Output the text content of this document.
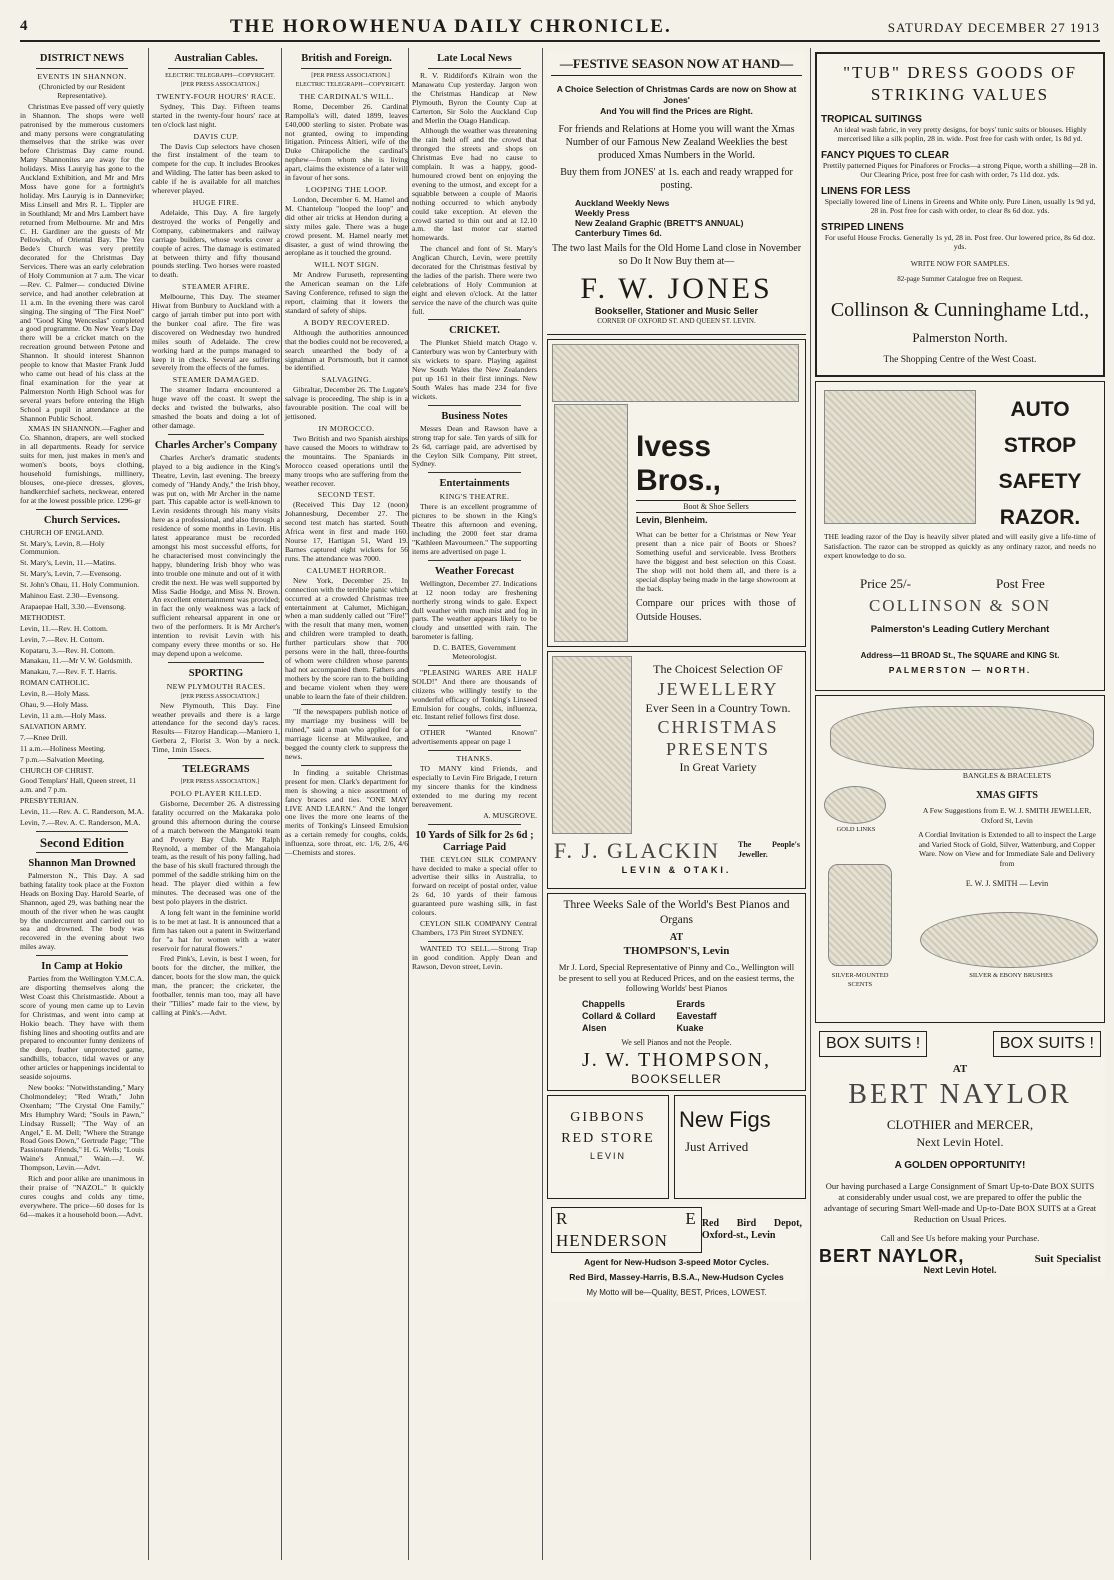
4	THE HOROWHENUA DAILY CHRONICLE.	SATURDAY DECEMBER 27 1913
DISTRICT NEWS
EVENTS IN SHANNON.

(Chronicled by our Resident Representative).

Christmas Eve passed off very quietly in Shannon. The shops were well patronised by the numerous customers and many persons were congratulating themselves that the strike was over before Christmas Day came round. Many Shannonites are away for the holidays. Miss Lauryig has gone to the Auckland Exhibition, and Mr and Mrs Moss have gone for a fortnight's holiday. Mrs Lauryig is in Dannevirke; Miss Linsell and Mrs R. L. Tippler are in Southland; Mr and Mrs Lambert have returned from Melbourne. Mr and Mrs C. H. Gardiner are the guests of Mr Pellowish, of Oriental Bay. The Yeu Bede's Church was very prettily decorated for the Christmas Day Services. There was an early celebration of Holy Communion at 7 a.m. The vicar —Rev. C. Palmer— conducted Divine service, and had another celebration at 11 a.m. In the evening there was carol singing. The singing of "The First Noel" and "Good King Wenceslas" completed a good programme. On New Year's Day there will be a cricket match on the recreation ground between Petone and Shannon. It should interest Shannon people to know that Master Frank Judd who came out head of his class at the final examination for the year at Palmerston North High School was for several years before entering the High School a pupil in attendance at the Shannon Public School.

XMAS IN SHANNON.—Fagher and Co. Shannon, drapers, are well stocked in all departments. Ready for service suits for men, just makes in men's and women's boots, boys clothing, household furnishings, millinery, blouses, one-piece dresses, gloves, handkerchief sachets, neckwear, entered for at the lowest possible price. 1296-gr

Church Services.

CHURCH OF ENGLAND.

St. Mary's, Levin, 8.—Holy Communion.

St. Mary's, Levin, 11.—Matins.

St. Mary's, Levin, 7.—Evensong.

St. John's Ohau, 11. Holy Communion.

Mahinou East. 2.30—Evensong.

Arapaepae Hall, 3.30.—Evensong.

METHODIST.

Levin, 11.—Rev. H. Cottom.

Levin, 7.—Rev. H. Cottom.

Kopataru, 3.—Rev. H. Cottom.

Manakau, 11.—Mr V. W. Goldsmith.

Manakau, 7.—Rev. F. T. Harris.

ROMAN CATHOLIC.

Levin, 8.—Holy Mass.

Ohau, 9.—Holy Mass.

Levin, 11 a.m.—Holy Mass.

SALVATION ARMY.

7.—Knee Drill.

11 a.m.—Holiness Meeting.

7 p.m.—Salvation Meeting.

CHURCH OF CHRIST.

Good Templars' Hall, Queen street, 11 a.m. and 7 p.m.

PRESBYTERIAN.

Levin, 11.—Rev. A. C. Randerson, M.A.

Levin, 7.—Rev. A. C. Randerson, M.A.

Second Edition
Shannon Man Drowned

Palmerston N., This Day. A sad bathing fatality took place at the Foxton Heads on Boxing Day. Harold Searle, of Shannon, aged 29, was bathing near the mouth of the river when he was caught by the undercurrent and carried out to sea and drowned. The body was recovered in the evening about two miles away.

In Camp at Hokio

Parties from the Wellington Y.M.C.A. are disporting themselves along the West Coast this Christmastide. About a score of young men came up to Levin for Christmas, and went into camp at Hokio beach. They have with them fishing lines and shooting outfits and are prepared to encounter funny denizens of the deep, feather unprotected game, sandhills, tobacco, tidal waves or any other articles or happenings incidental to seaside sojourns.

New books: "Notwithstanding," Mary Cholmondeley; "Red Wrath," John Oxenham; "The Crystal One Family," Mrs Humphry Ward; "Souls in Pawn," Lindsay Russell; "The Way of an Angel," E. M. Dell; "Where the Strange Road Goes Down," Gertrude Page; "The Passionate Friends," H. G. Wells; "Louis Waine's Annual," Wain.—J. W. Thompson, Levin.—Advt.

Rich and poor alike are unanimous in their praise of "NAZOL." It quickly cures coughs and colds any time, everywhere. The price—60 doses for 1s 6d—makes it a household boon.—Advt.

Australian Cables.

ELECTRIC TELEGRAPH—COPYRIGHT.

[PER PRESS ASSOCIATION.]

TWENTY-FOUR HOURS' RACE.

Sydney, This Day. Fifteen teams started in the twenty-four hours' race at ten o'clock last night.

DAVIS CUP.

The Davis Cup selectors have chosen the first instalment of the team to compete for the cup. It includes Brookes and Wilding. The latter has been asked to cable if he is available for all matches wherever played.

HUGE FIRE.

Adelaide, This Day. A fire largely destroyed the works of Pengelly and Company, cabinetmakers and railway carriage builders, whose works cover a couple of acres. The damage is estimated at between thirty and fifty thousand pounds sterling. Two horses were roasted to death.

STEAMER AFIRE.

Melbourne, This Day. The steamer Hiwat from Bunbury to Auckland with a cargo of jarrah timber put into port with the bunker coal afire. The fire was discovered on Wednesday two hundred miles south of Adelaide. The crew working hard at the pumps managed to keep it in check. Several are suffering severely from the effects of the fumes.

STEAMER DAMAGED.

The steamer Indarra encountered a huge wave off the coast. It swept the decks and twisted the bulwarks, also smashed the boats and doing a lot of other damage.

Charles Archer's Company

Charles Archer's dramatic students played to a big audience in the King's Theatre, Levin, last evening. The breezy comedy of "Handy Andy," the Irish bhoy, was put on, with Mr Archer in the name part. This capable actor is well-known to Levin residents through his many visits here as a professional, and also through a residence of some months in Levin. His latest appearance must be recorded amongst his most successful efforts, for he characterised most convincingly the happy, blundering Irish bhoy who was into trouble one minute and out of it with credit the next. He was well supported by Miss Sadie Hodge, and Miss N. Brown. An excellent entertainment was provided; in fact the only weakness was a lack of sufficient rehearsal apparent in one or two of the performers. It is Mr Archer's intention to revisit Levin with his company every three months or so. He may depend upon a welcome.

SPORTING
NEW PLYMOUTH RACES.

[PER PRESS ASSOCIATION.]

New Plymouth, This Day. Fine weather prevails and there is a large attendance for the second day's races. Results— Fitzroy Handicap.—Maniero 1, Gerbera 2, Florist 3. Won by a neck. Time, 1min 15secs.

TELEGRAMS

[PER PRESS ASSOCIATION.]

POLO PLAYER KILLED.

Gisborne, December 26. A distressing fatality occurred on the Makaraka polo ground this afternoon during the course of a match between the Mangatoki team and Poverty Bay Club. Mr Ralph Reynold, a member of the Mangahoia team, as the result of his pony falling, had the base of his skull fractured through the pommel of the saddle striking him on the head. The player died within a few minutes. The deceased was one of the best polo players in the district.

A long felt want in the feminine world is to be met at last. It is announced that a firm has taken out a patent in Switzerland for "a hat for women with a water reservoir for natural flowers."

Fred Pink's, Levin, is best I ween, for boots for the ditcher, the milker, the dancer, boots for the slow man, the quick man, the prancer; the cricketer, the footballer, tennis man too, may all have their "Tillies" made fair to the view, by calling at Pink's.—Advt.

British and Foreign.

[PER PRESS ASSOCIATION.]

ELECTRIC TELEGRAPH—COPYRIGHT.

THE CARDINAL'S WILL.

Rome, December 26. Cardinal Rampolla's will, dated 1899, leaves £40,000 sterling to sister. Probate was not granted, owing to impending litigation. Princess Altieri, wife of the Duke Chirapoliche the cardinal's nephew—from whom she is living apart, claims the existence of a later will in favour of her sons.

LOOPING THE LOOP.

London, December 6. M. Hamel and M. Chanteloup "looped the loop" and did other air tricks at Hendon during a sixty miles gale. There was a huge crowd present. M. Hamel nearly met disaster, a gust of wind throwing the aeroplane as it touched the ground.

WILL NOT SIGN.

Mr Andrew Furuseth, representing the American seaman on the Life Saving Conference, refused to sign the report, claiming that it lowers the standard of safety of ships.

A BODY RECOVERED.

Although the authorities announced that the bodies could not be recovered, a search unearthed the body of a signalman at Portsmouth, but it cannot be identified.

SALVAGING.

Gibraltar, December 26. The Lugate's salvage is proceeding. The ship is in a favourable position. The coal will be jettisoned.

IN MOROCCO.

Two British and two Spanish airships have caused the Moors to withdraw to the mountains. The Spaniards in Morocco ceased operations until the many troops who are suffering from the weather recover.

SECOND TEST.

(Received This Day 12 (noon) Johannesburg, December 27. The second test match has started. South Africa went in first and made 160. Nourse 17, Hartigan 51, Ward 19. Barnes captured eight wickets for 56 runs. The attendance was 7000.

CALUMET HORROR.

New York, December 25. In connection with the terrible panic which occurred at a crowded Christmas tree entertainment at Calumet, Michigan, when a man suddenly called out "Fire!" with the result that many men, women and children were trampled to death, further particulars show that 700 persons were in the hall, three-fourths of whom were children whose parents had not accompanied them. Fathers and mothers by the score ran to the building and became violent when they were unable to learn the fate of their children.

"If the newspapers publish notice of my marriage my business will be ruined," said a man who applied for a marriage license at Milwaukee, and begged the county clerk to suppress the news.

In finding a suitable Christmas present for men. Clark's department for men is showing a nice assortment of fancy braces and ties. "ONE MAY LIVE AND LEARN." And the longer one lives the more one learns of the merits of Tonking's Linseed Emulsion as a certain remedy for coughs, colds, influenza, sore throat, etc. 1/6, 2/6, 4/6—Chemists and stores.

Late Local News

R. V. Riddiford's Kilrain won the Manawatu Cup yesterday. Jargon won the Christmas Handicap at New Plymouth, Byron the County Cup at Carterton, Sir Solo the Auckland Cup and Merlin the Otago Handicap.

Although the weather was threatening the rain held off and the crowd that thronged the streets and shops on Christmas Eve had no cause to complain. It was a happy, good-humoured crowd bent on enjoying the evening to the utmost, and except for a squabble between a couple of Maoris nothing occurred to which anybody could take exception. At eleven the crowd started to thin out and at 12.10 a.m. the last motor car started homewards.

The chancel and font of St. Mary's Anglican Church, Levin, were prettily decorated for the Christmas festival by the ladies of the parish. There were two celebrations of Holy Communion at eight and eleven o'clock. At the latter service the nave of the church was quite full.

CRICKET.

The Plunket Shield match Otago v. Canterbury was won by Canterbury with six wickets to spare. Playing against New South Wales the New Zealanders put up 161 in their first innings. New South Wales has made 234 for five wickets.

Business Notes

Messrs Dean and Rawson have a strong trap for sale. Ten yards of silk for 2s 6d, carriage paid, are advertised by the Ceylon Silk Company, Pitt street, Sydney.

Entertainments
KING'S THEATRE.

There is an excellent programme of pictures to be shown in the King's Theatre this afternoon and evening, including the 2000 feet star drama "Kathleen Mavourneen." The supporting items are advertised on page 1.

Weather Forecast

Wellington, December 27. Indications at 12 noon today are freshening northerly strong winds to gale. Expect dull weather with much mist and fog in parts. The weather appears likely to be cloudy and unsettled with rain. The barometer is falling.

D. C. BATES, Government Meteorologist.

"PLEASING WARES ARE HALF SOLD!" And there are thousands of citizens who willingly testify to the wonderful efficacy of Tonking's Linseed Emulsion for coughs, colds, influenza, etc. Instant relief follows first dose.

OTHER "Wanted Known" advertisements appear on page 1

THANKS.

TO MANY kind Friends, and especially to Levin Fire Brigade, I return my sincere thanks for the kindness extended to me during my recent bereavement.

A. MUSGROVE.

10 Yards of Silk for 2s 6d ; Carriage Paid

THE CEYLON SILK COMPANY have decided to make a special offer to advertise their silks in Australia, to forward on receipt of postal order, value 2s 6d, 10 yards of their famous guaranteed pure washing silk, in fast colours.

CEYLON SILK COMPANY Central Chambers, 173 Pitt Street SYDNEY.

WANTED TO SELL.—Strong Trap in good condition. Apply Dean and Rawson, Devon street, Levin.

—FESTIVE SEASON NOW AT HAND—
A Choice Selection of Christmas Cards are now on Show at Jones'
And You will find the Prices are Right.
For friends and Relations at Home you will want the Xmas Number of our Famous New Zealand Weeklies the best produced Xmas Numbers in the World.
Buy them from JONES' at 1s. each and ready wrapped for posting.
Auckland Weekly News
Weekly Press
New Zealand Graphic (BRETT'S ANNUAL)
Canterbury Times 6d.
The two last Mails for the Old Home Land close in November so Do It Now Buy them at—
F. W. JONES
Bookseller, Stationer and Music Seller
CORNER OF OXFORD ST. AND QUEEN ST. LEVIN.
Ivess Bros.,
Boot & Shoe Sellers
Levin, Blenheim.
What can be better for a Christmas or New Year present than a nice pair of Boots or Shoes? Something useful and serviceable. Ivess Brothers have the biggest and best selection on this Coast. The shop will not hold them all, and there is a special display being made in the large showroom at the back.
Compare our prices with those of Outside Houses.
The Choicest Selection OF
JEWELLERY
Ever Seen in a Country Town.
CHRISTMAS PRESENTS
In Great Variety
F. J. GLACKIN	The People's Jeweller.
LEVIN & OTAKI.
Three Weeks Sale of the World's Best Pianos and Organs
AT
THOMPSON'S, Levin
Mr J. Lord, Special Representative of Pinny and Co., Wellington will be present to sell you at Reduced Prices, and on the easiest terms, the following Worlds' best Pianos
Chappells	Erards
Collard & Collard	Eavestaff
Alsen	Kuake
We sell Pianos and not the People.
J. W. THOMPSON,
BOOKSELLER
GIBBONS
RED STORE
LEVIN
New Figs
Just Arrived
R E HENDERSON
Red Bird Depot, Oxford-st., Levin
Agent for New-Hudson 3-speed Motor Cycles.
Red Bird, Massey-Harris, B.S.A., New-Hudson Cycles
My Motto will be—Quality, BEST, Prices, LOWEST.
"TUB" DRESS GOODS OF STRIKING VALUES
TROPICAL SUITINGS
An ideal wash fabric, in very pretty designs, for boys' tunic suits or blouses. Highly mercerised like a silk poplin, 28 in. wide. Post free for cash with order, 1s 8d yd.
FANCY PIQUES TO CLEAR
Prettily patterned Piques for Pinafores or Frocks—a strong Pique, worth a shilling—28 in. Our Clearing Price, post free for cash with order, 7s 11d doz. yds.
LINENS FOR LESS
Specially lowered line of Linens in Greens and White only. Pure Linen, usually 1s 9d yd, 28 in. Post free for cash with order, to clear 8s 6d doz. yds.
STRIPED LINENS
For useful House Frocks. Generally 1s yd, 28 in. Post free. Our lowered price, 8s 6d doz. yds.
WRITE NOW FOR SAMPLES.
82-page Summer Catalogue free on Request.
Collinson & Cunninghame Ltd.,
Palmerston North.
The Shopping Centre of the West Coast.
AUTO STROP SAFETY RAZOR.
THE leading razor of the Day is heavily silver plated and will easily give a life-time of Satisfaction. The razor can be stropped as quickly as any ordinary razor, and needs no expert knowledge to do so.
Price 25/-	Post Free
COLLINSON & SON
Palmerston's Leading Cutlery Merchant
Address—11 BROAD St., The SQUARE and KING St.
PALMERSTON — NORTH.
BANGLES & BRACELETS
GOLD LINKS
XMAS GIFTS
A Few Suggestions from E. W. J. SMITH JEWELLER, Oxford St, Levin
A Cordial Invitation is Extended to all to inspect the Large and Varied Stock of Gold, Silver, Wattenburg, and Copper Ware. Now on View and for Immediate Sale and Delivery from
E. W. J. SMITH — Levin
SILVER-MOUNTED SCENTS
SILVER & EBONY BRUSHES
BOX SUITS !	BOX SUITS !
AT
BERT NAYLOR
CLOTHIER and MERCER,
Next Levin Hotel.
A GOLDEN OPPORTUNITY!
Our having purchased a Large Consignment of Smart Up-to-Date BOX SUITS at considerably under usual cost, we are prepared to offer the public the advantage of securing Smart Well-made and Up-to-Date BOX SUITS at a Great Reduction on Usual Prices.
Call and See Us before making your Purchase.
BERT NAYLOR,	Suit Specialist
Next Levin Hotel.
